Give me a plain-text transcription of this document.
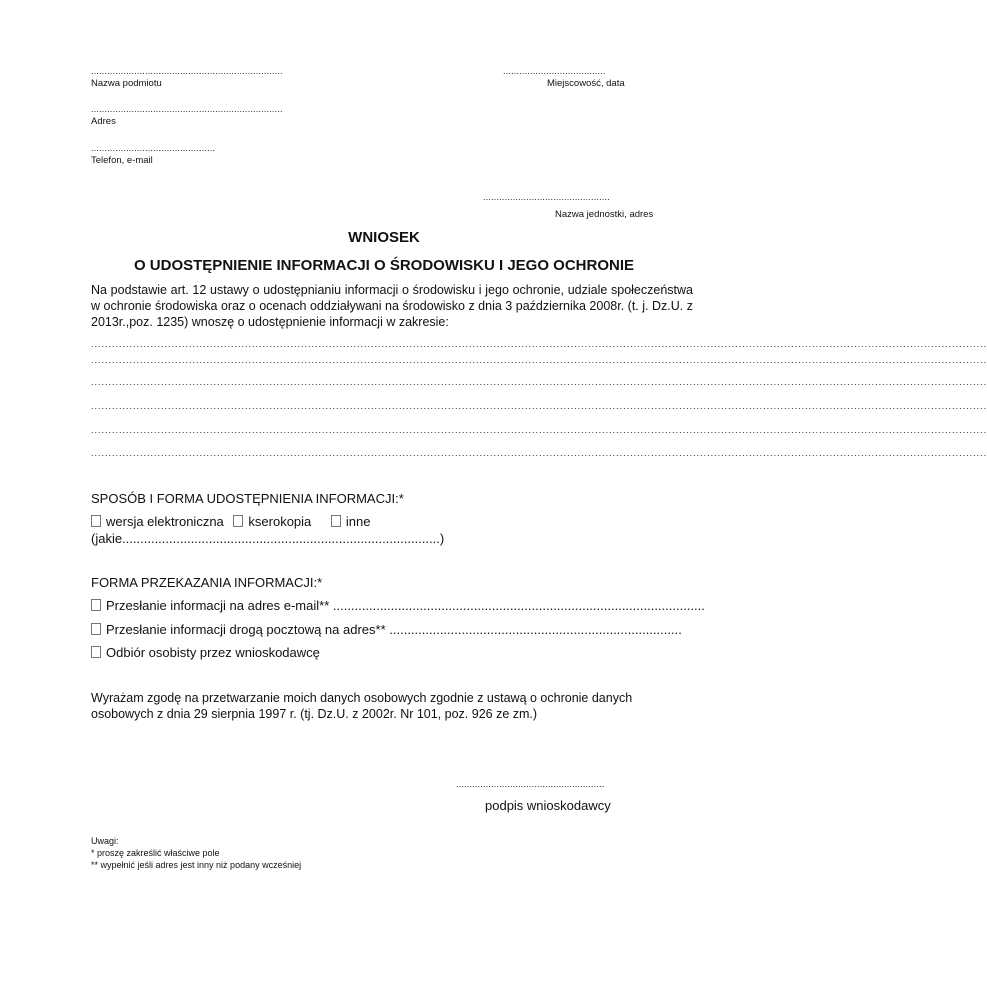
.......................................................................
Nazwa podmiotu
.......................................................................
Adres
..............................................
Telefon, e-mail
......................................
Miejscowość, data
...............................................
Nazwa jednostki, adres
WNIOSEK
O UDOSTĘPNIENIE INFORMACJI O ŚRODOWISKU I JEGO OCHRONIE
Na podstawie art. 12 ustawy o udostępnianiu informacji o środowisku i jego ochronie, udziale społeczeństwa w ochronie środowiska oraz o ocenach oddziaływani na środowisko z dnia 3 października 2008r. (t. j. Dz.U. z 2013r.,poz. 1235) wnoszę o udostępnienie informacji w zakresie:
................................................................................................................................................................................................................................................................
................................................................................................................................................................................................................................................................
................................................................................................................................................................................................................................................................
................................................................................................................................................................................................................................................................
................................................................................................................................................................................................................................................................
................................................................................................................................................................................................................................................................
SPOSÓB I FORMA UDOSTĘPNIENIA INFORMACJI:*
wersja elektroniczna kserokopia	inne
(jakie........................................................................................)
FORMA PRZEKAZANIA INFORMACJI:*
Przesłanie informacji na adres e-mail** .......................................................................................................
Przesłanie informacji drogą pocztową na adres** .................................................................................
Odbiór osobisty przez wnioskodawcę
Wyrażam zgodę na przetwarzanie moich danych osobowych zgodnie z ustawą o ochronie danych osobowych z dnia 29 sierpnia 1997 r. (tj. Dz.U. z 2002r. Nr 101, poz. 926 ze zm.)
.......................................................
podpis wnioskodawcy
Uwagi:
* proszę zakreślić właściwe pole
** wypełnić jeśli adres jest inny niż podany wcześniej
